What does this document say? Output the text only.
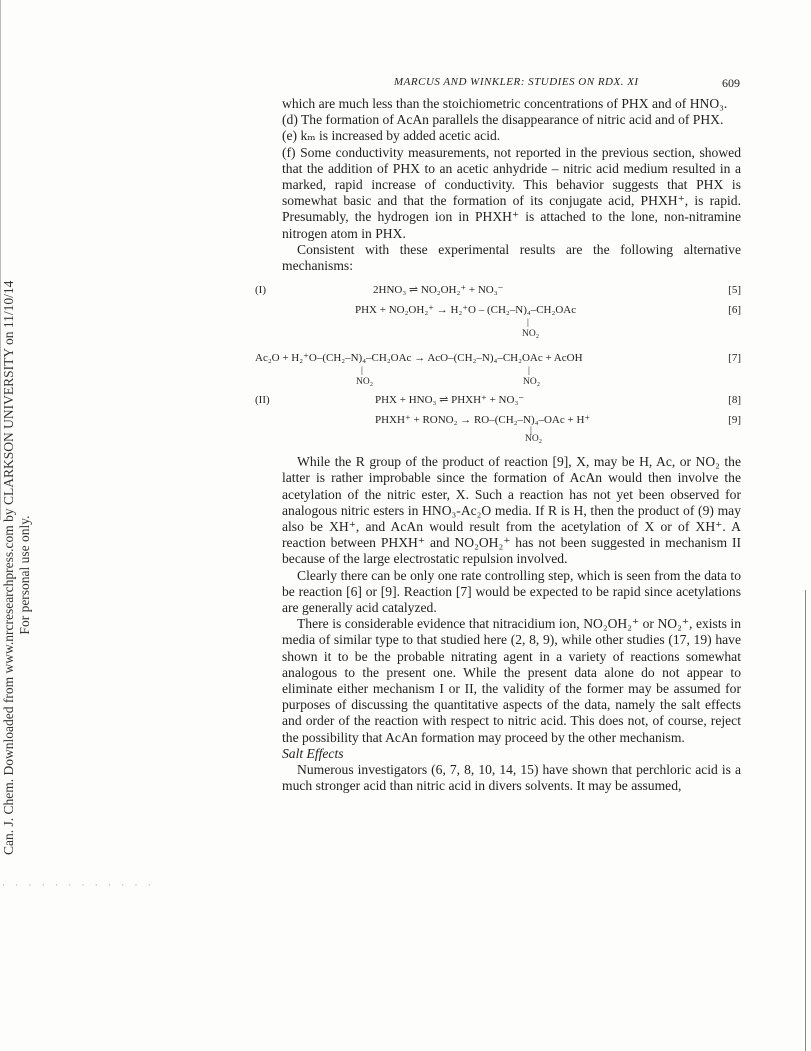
· · · · · · · · · · · ·
Can. J. Chem. Downloaded from www.nrcresearchpress.com by CLARKSON UNIVERSITY on 11/10/14 For personal use only.
MARCUS AND WINKLER: STUDIES ON RDX. XI	609

which are much less than the stoichiometric concentrations of PHX and of HNO₃.

(d) The formation of AcAn parallels the disappearance of nitric acid and of PHX.

(e) kₘ is increased by added acetic acid.

(f) Some conductivity measurements, not reported in the previous section, showed that the addition of PHX to an acetic anhydride – nitric acid medium resulted in a marked, rapid increase of conductivity. This behavior suggests that PHX is somewhat basic and that the formation of its conjugate acid, PHXH⁺, is rapid. Presumably, the hydrogen ion in PHXH⁺ is attached to the lone, non-nitramine nitrogen atom in PHX.

Consistent with these experimental results are the following alternative mechanisms:

(I)	2HNO₃ ⇌ NO₂OH₂⁺ + NO₃⁻	[5]
PHX + NO₂OH₂⁺ → H₂⁺O – (CH₂–N)₄–CH₂OAc
|
NO₂
[6]
Ac₂O + H₂⁺O–(CH₂–N)₄–CH₂OAc → AcO–(CH₂–N)₄–CH₂OAc + AcOH
|
NO₂
|
NO₂
[7]
(II)	PHX + HNO₃ ⇌ PHXH⁺ + NO₃⁻	[8]
PHXH⁺ + RONO₂ → RO–(CH₂–N)₄–OAc + H⁺
|
NO₂
[9]

While the R group of the product of reaction [9], X, may be H, Ac, or NO₂ the latter is rather improbable since the formation of AcAn would then involve the acetylation of the nitric ester, X. Such a reaction has not yet been observed for analogous nitric esters in HNO₃-Ac₂O media. If R is H, then the product of (9) may also be XH⁺, and AcAn would result from the acetylation of X or of XH⁺. A reaction between PHXH⁺ and NO₂OH₂⁺ has not been suggested in mechanism II because of the large electrostatic repulsion involved.

Clearly there can be only one rate controlling step, which is seen from the data to be reaction [6] or [9]. Reaction [7] would be expected to be rapid since acetylations are generally acid catalyzed.

There is considerable evidence that nitracidium ion, NO₂OH₂⁺ or NO₂⁺, exists in media of similar type to that studied here (2, 8, 9), while other studies (17, 19) have shown it to be the probable nitrating agent in a variety of reactions somewhat analogous to the present one. While the present data alone do not appear to eliminate either mechanism I or II, the validity of the former may be assumed for purposes of discussing the quantitative aspects of the data, namely the salt effects and order of the reaction with respect to nitric acid. This does not, of course, reject the possibility that AcAn formation may proceed by the other mechanism.

Salt Effects

Numerous investigators (6, 7, 8, 10, 14, 15) have shown that perchloric acid is a much stronger acid than nitric acid in divers solvents. It may be assumed,
